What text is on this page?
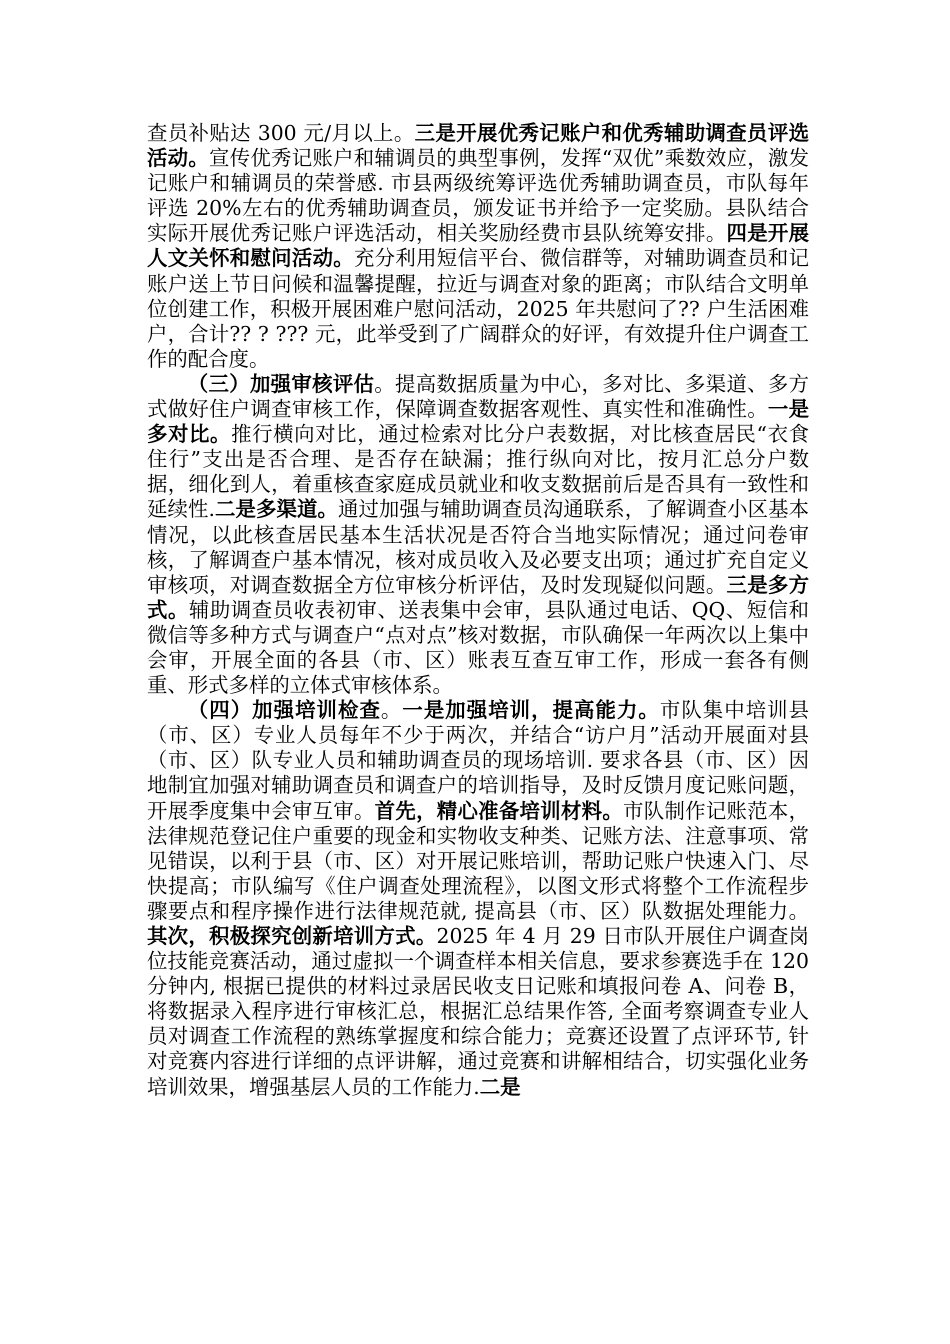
查员补贴达 300 元/月以上。三是开展优秀记账户和优秀辅助调查员评选活动。宣传优秀记账户和辅调员的典型事例，发挥“双优”乘数效应，激发记账户和辅调员的荣誉感. 市县两级统筹评选优秀辅助调查员，市队每年评选 20%左右的优秀辅助调查员，颁发证书并给予一定奖励。县队结合实际开展优秀记账户评选活动，相关奖励经费市县队统筹安排。四是开展人文关怀和慰问活动。充分利用短信平台、微信群等，对辅助调查员和记账户送上节日问候和温馨提醒，拉近与调查对象的距离；市队结合文明单位创建工作，积极开展困难户慰问活动，2025 年共慰问了?? 户生活困难户，合计?? ? ??? 元，此举受到了广阔群众的好评，有效提升住户调查工作的配合度。

（三）加强审核评估。提高数据质量为中心，多对比、多渠道、多方式做好住户调查审核工作，保障调查数据客观性、真实性和准确性。一是多对比。推行横向对比，通过检索对比分户表数据，对比核查居民“衣食住行”支出是否合理、是否存在缺漏；推行纵向对比，按月汇总分户数据，细化到人，着重核查家庭成员就业和收支数据前后是否具有一致性和延续性.二是多渠道。通过加强与辅助调查员沟通联系，了解调查小区基本情况，以此核查居民基本生活状况是否符合当地实际情况；通过问卷审核，了解调查户基本情况，核对成员收入及必要支出项；通过扩充自定义审核项，对调查数据全方位审核分析评估，及时发现疑似问题。三是多方式。辅助调查员收表初审、送表集中会审，县队通过电话、QQ、短信和微信等多种方式与调查户“点对点”核对数据，市队确保一年两次以上集中会审，开展全面的各县（市、区）账表互查互审工作，形成一套各有侧重、形式多样的立体式审核体系。

（四）加强培训检查。一是加强培训，提高能力。市队集中培训县（市、区）专业人员每年不少于两次，并结合“访户月”活动开展面对县（市、区）队专业人员和辅助调查员的现场培训. 要求各县（市、区）因地制宜加强对辅助调查员和调查户的培训指导，及时反馈月度记账问题，开展季度集中会审互审。首先，精心准备培训材料。市队制作记账范本，法律规范登记住户重要的现金和实物收支种类、记账方法、注意事项、常见错误，以利于县（市、区）对开展记账培训，帮助记账户快速入门、尽快提高；市队编写《住户调查处理流程》，以图文形式将整个工作流程步骤要点和程序操作进行法律规范就, 提高县（市、区）队数据处理能力。其次，积极探究创新培训方式。2025 年 4 月 29 日市队开展住户调查岗位技能竞赛活动，通过虚拟一个调查样本相关信息，要求参赛选手在 120 分钟内, 根据已提供的材料过录居民收支日记账和填报问卷 A、问卷 B，将数据录入程序进行审核汇总，根据汇总结果作答, 全面考察调查专业人员对调查工作流程的熟练掌握度和综合能力；竞赛还设置了点评环节, 针对竞赛内容进行详细的点评讲解，通过竞赛和讲解相结合，切实强化业务培训效果，增强基层人员的工作能力.二是
